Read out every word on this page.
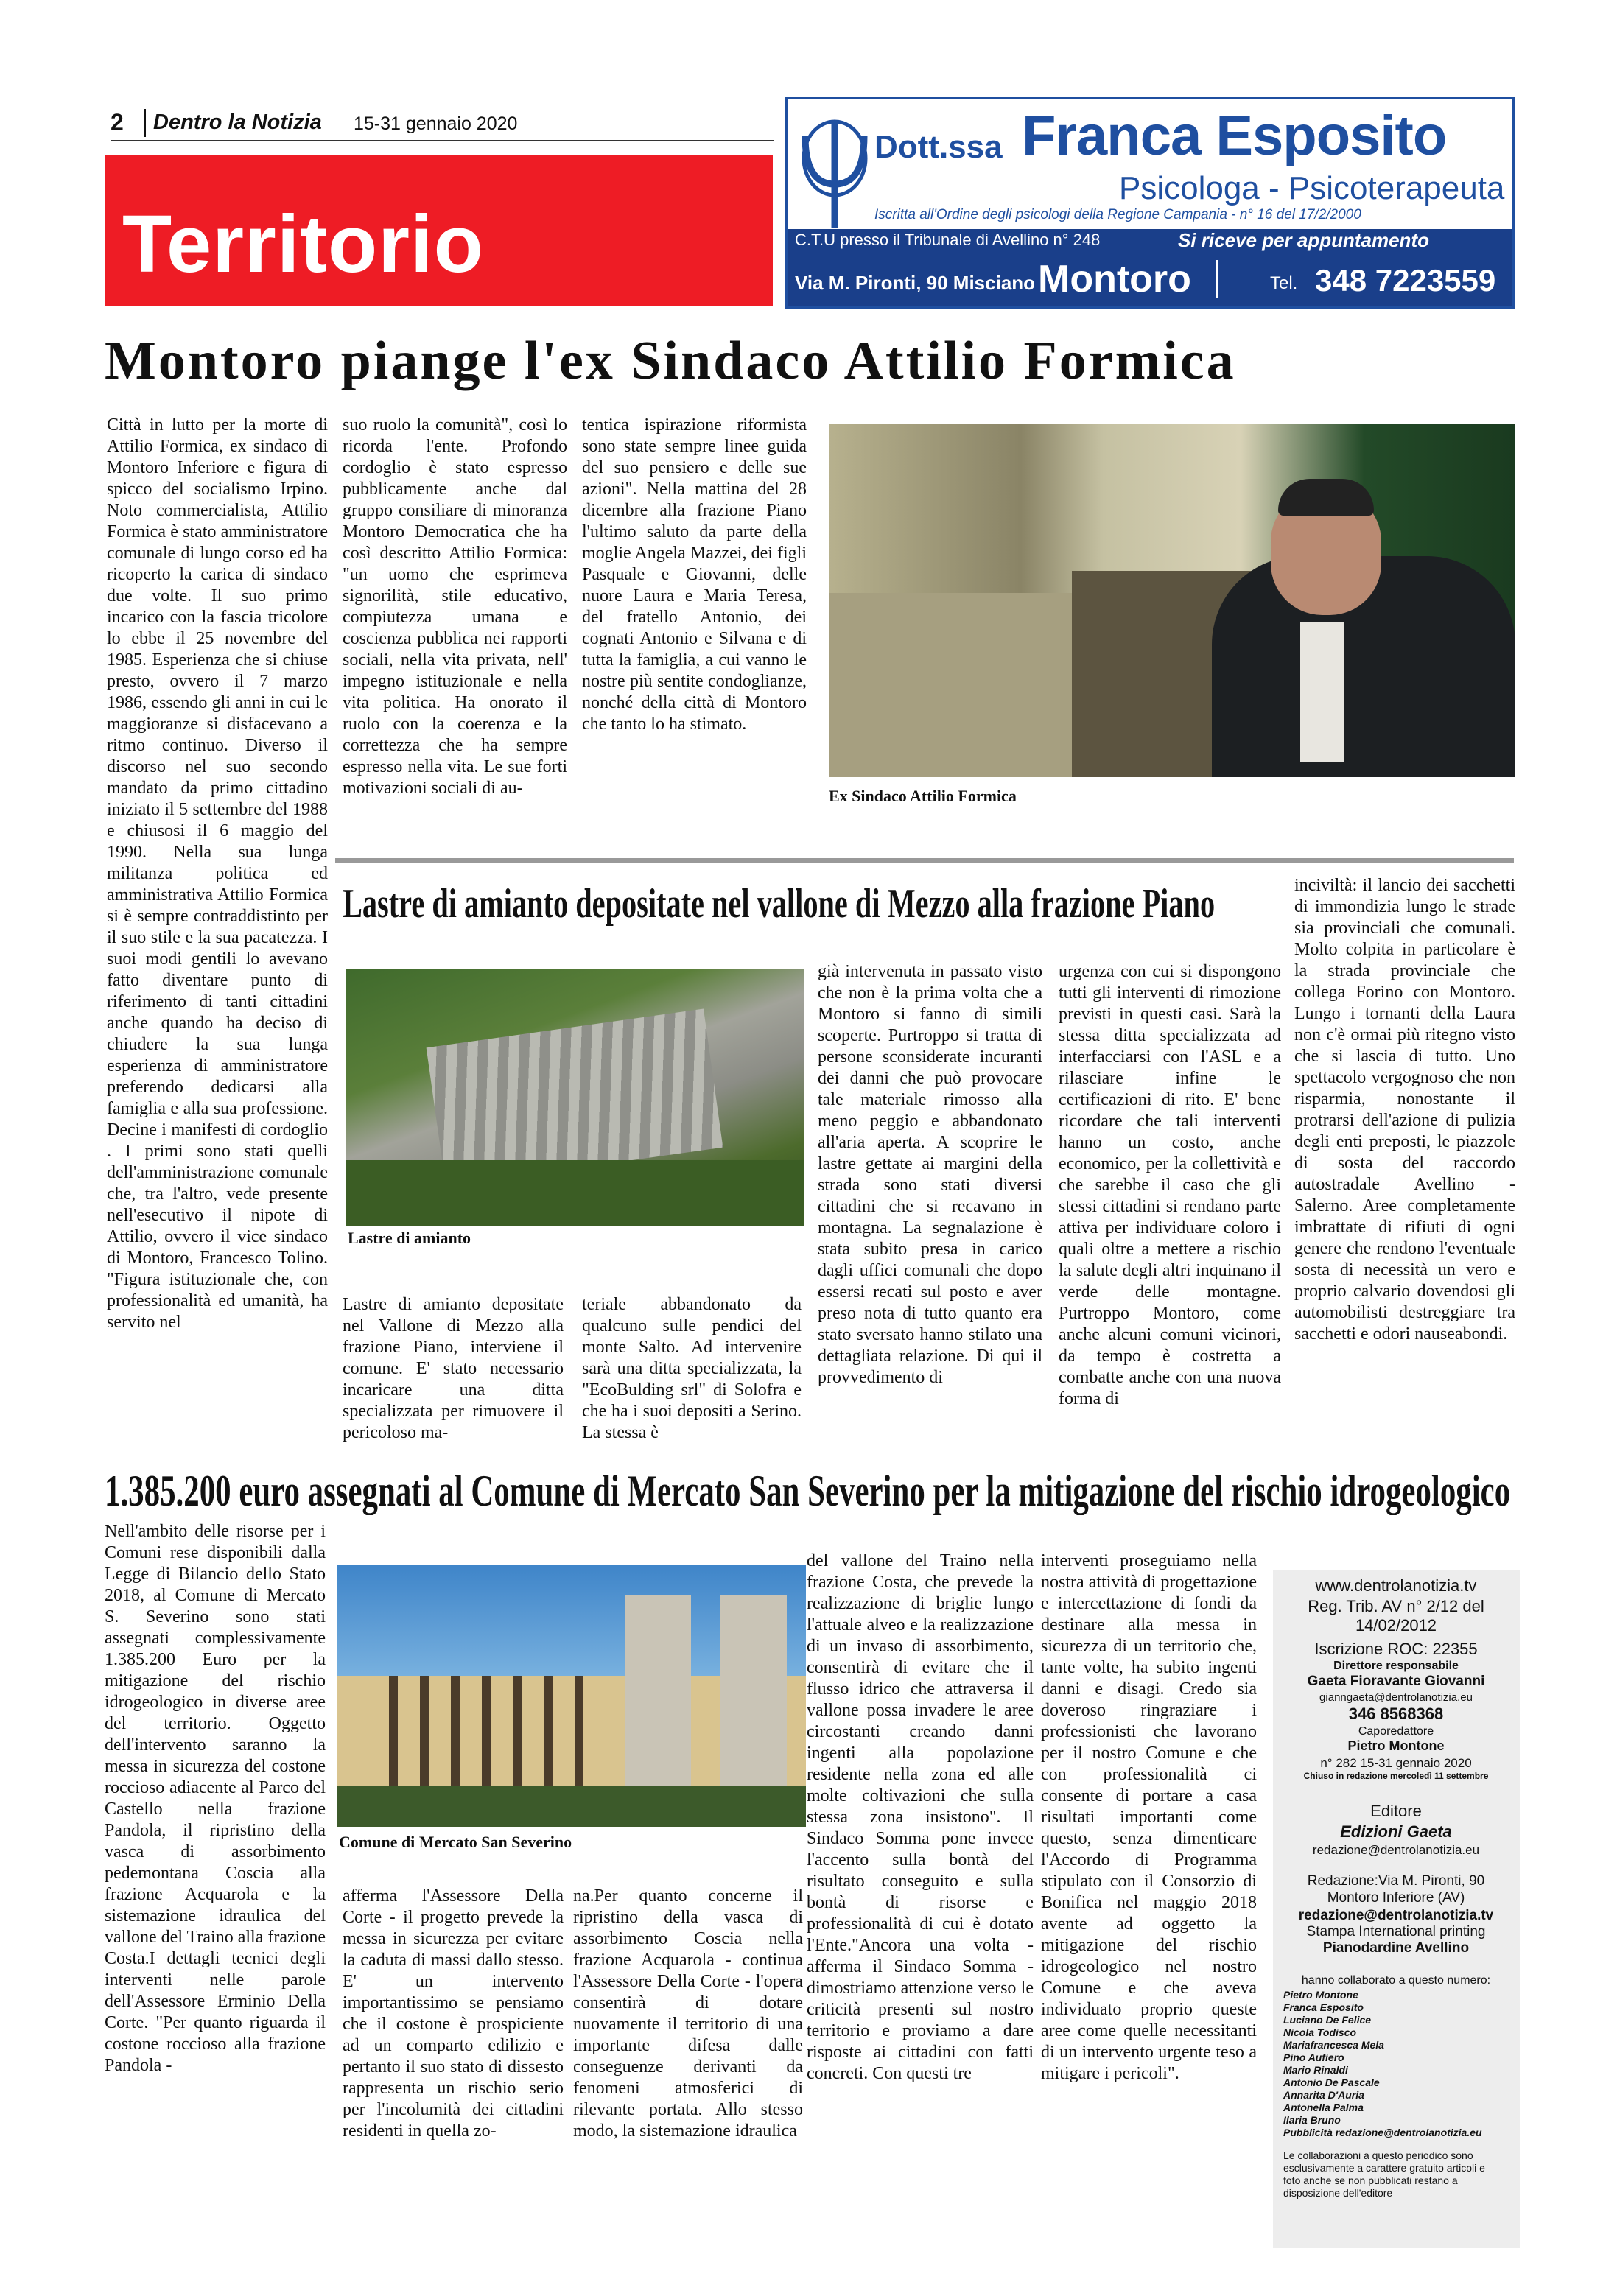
2 Dentro la Notizia 15-31 gennaio 2020
Territorio
Dott.ssa Franca Esposito
Psicologa - Psicoterapeuta
Iscritta all'Ordine degli psicologi della Regione Campania - n° 16 del 17/2/2000
C.T.U presso il Tribunale di Avellino n° 248	Si riceve per appuntamento
Via M. Pironti, 90 Misciano Montoro	Tel. 348 7223559
Montoro piange l'ex Sindaco Attilio Formica

Città in lutto per la morte di Attilio Formica, ex sindaco di Montoro Inferiore e figura di spicco del socialismo Irpino. Noto commercialista, Attilio Formica è stato amministratore comunale di lungo corso ed ha ricoperto la carica di sindaco due volte. Il suo primo incarico con la fascia tricolore lo ebbe il 25 novembre del 1985. Esperienza che si chiuse presto, ovvero il 7 marzo 1986, essendo gli anni in cui le maggioranze si disfacevano a ritmo continuo. Diverso il discorso nel suo secondo mandato da primo cittadino iniziato il 5 settembre del 1988 e chiusosi il 6 maggio del 1990. Nella sua lunga militanza politica ed amministrativa Attilio Formica si è sempre contraddistinto per il suo stile e la sua pacatezza. I suoi modi gentili lo avevano fatto diventare punto di riferimento di tanti cittadini anche quando ha deciso di chiudere la sua lunga esperienza di amministratore preferendo dedicarsi alla famiglia e alla sua professione. Decine i manifesti di cordoglio . I primi sono stati quelli dell'amministrazione comunale che, tra l'altro, vede presente nell'esecutivo il nipote di Attilio, ovvero il vice sindaco di Montoro, Francesco Tolino. "Figura istituzionale che, con professionalità ed umanità, ha servito nel

suo ruolo la comunità", così lo ricorda l'ente. Profondo cordoglio è stato espresso pubblicamente anche dal gruppo consiliare di minoranza Montoro Democratica che ha così descritto Attilio Formica: "un uomo che esprimeva signorilità, stile educativo, compiutezza umana e coscienza pubblica nei rapporti sociali, nella vita privata, nell' impegno istituzionale e nella vita politica. Ha onorato il ruolo con la coerenza e la correttezza che ha sempre espresso nella vita. Le sue forti motivazioni sociali di au-

tentica ispirazione riformista sono state sempre linee guida del suo pensiero e delle sue azioni". Nella mattina del 28 dicembre alla frazione Piano l'ultimo saluto da parte della moglie Angela Mazzei, dei figli Pasquale e Giovanni, delle nuore Laura e Maria Teresa, del fratello Antonio, dei cognati Antonio e Silvana e di tutta la famiglia, a cui vanno le nostre più sentite condoglianze, nonché della città di Montoro che tanto lo ha stimato.

Ex Sindaco Attilio Formica
Lastre di amianto depositate nel vallone di Mezzo alla frazione Piano
Lastre di amianto

Lastre di amianto depositate nel Vallone di Mezzo alla frazione Piano, interviene il comune. E' stato necessario incaricare una ditta specializzata per rimuovere il pericoloso ma-

teriale abbandonato da qualcuno sulle pendici del monte Salto. Ad intervenire sarà una ditta specializzata, la "EcoBulding srl" di Solofra e che ha i suoi depositi a Serino. La stessa è

già intervenuta in passato visto che non è la prima volta che a Montoro si fanno di simili scoperte. Purtroppo si tratta di persone sconsiderate incuranti dei danni che può provocare tale materiale rimosso alla meno peggio e abbandonato all'aria aperta. A scoprire le lastre gettate ai margini della strada sono stati diversi cittadini che si recavano in montagna. La segnalazione è stata subito presa in carico dagli uffici comunali che dopo essersi recati sul posto e aver preso nota di tutto quanto era stato sversato hanno stilato una dettagliata relazione. Di qui il provvedimento di

urgenza con cui si dispongono tutti gli interventi di rimozione previsti in questi casi. Sarà la stessa ditta specializzata ad interfacciarsi con l'ASL e a rilasciare infine le certificazioni di rito. E' bene ricordare che tali interventi hanno un costo, anche economico, per la collettività e che sarebbe il caso che gli stessi cittadini si rendano parte attiva per individuare coloro i quali oltre a mettere a rischio la salute degli altri inquinano il verde delle montagne. Purtroppo Montoro, come anche alcuni comuni vicinori, da tempo è costretta a combatte anche con una nuova forma di

inciviltà: il lancio dei sacchetti di immondizia lungo le strade sia provinciali che comunali. Molto colpita in particolare è la strada provinciale che collega Forino con Montoro. Lungo i tornanti della Laura non c'è ormai più ritegno visto che si lascia di tutto. Uno spettacolo vergognoso che non risparmia, nonostante il protrarsi dell'azione di pulizia degli enti preposti, le piazzole di sosta del raccordo autostradale Avellino - Salerno. Aree completamente imbrattate di rifiuti di ogni genere che rendono l'eventuale sosta di necessità un vero e proprio calvario dovendosi gli automobilisti destreggiare tra sacchetti e odori nauseabondi.

1.385.200 euro assegnati al Comune di Mercato San Severino per la mitigazione del rischio idrogeologico

Nell'ambito delle risorse per i Comuni rese disponibili dalla Legge di Bilancio dello Stato 2018, al Comune di Mercato S. Severino sono stati assegnati complessivamente 1.385.200 Euro per la mitigazione del rischio idrogeologico in diverse aree del territorio. Oggetto dell'intervento saranno la messa in sicurezza del costone roccioso adiacente al Parco del Castello nella frazione Pandola, il ripristino della vasca di assorbimento pedemontana Coscia alla frazione Acquarola e la sistemazione idraulica del vallone del Traino alla frazione Costa.I dettagli tecnici degli interventi nelle parole dell'Assessore Erminio Della Corte. "Per quanto riguarda il costone roccioso alla frazione Pandola -

Comune di Mercato San Severino

afferma l'Assessore Della Corte - il progetto prevede la messa in sicurezza per evitare la caduta di massi dallo stesso. E' un intervento importantissimo se pensiamo che il costone è prospiciente ad un comparto edilizio e pertanto il suo stato di dissesto rappresenta un rischio serio per l'incolumità dei cittadini residenti in quella zo-

na.Per quanto concerne il ripristino della vasca di assorbimento Coscia nella frazione Acquarola - continua l'Assessore Della Corte - l'opera consentirà di dotare nuovamente il territorio di una importante difesa dalle conseguenze derivanti da fenomeni atmosferici di rilevante portata. Allo stesso modo, la sistemazione idraulica

del vallone del Traino nella frazione Costa, che prevede la realizzazione di briglie lungo l'attuale alveo e la realizzazione di un invaso di assorbimento, consentirà di evitare che il flusso idrico che attraversa il vallone possa invadere le aree circostanti creando danni ingenti alla popolazione residente nella zona ed alle molte coltivazioni che sulla stessa zona insistono". Il Sindaco Somma pone invece l'accento sulla bontà del risultato conseguito e sulla bontà di risorse e professionalità di cui è dotato l'Ente."Ancora una volta - afferma il Sindaco Somma - dimostriamo attenzione verso le criticità presenti sul nostro territorio e proviamo a dare risposte ai cittadini con fatti concreti. Con questi tre

interventi proseguiamo nella nostra attività di progettazione e intercettazione di fondi da destinare alla messa in sicurezza di un territorio che, tante volte, ha subito ingenti danni e disagi. Credo sia doveroso ringraziare i professionisti che lavorano per il nostro Comune e che con professionalità ci consente di portare a casa risultati importanti come questo, senza dimenticare l'Accordo di Programma stipulato con il Consorzio di Bonifica nel maggio 2018 avente ad oggetto la mitigazione del rischio idrogeologico nel nostro Comune e che aveva individuato proprio queste aree come quelle necessitanti di un intervento urgente teso a mitigare i pericoli".

www.dentrolanotizia.tv
Reg. Trib. AV n° 2/12 del 14/02/2012
Iscrizione ROC: 22355
Direttore responsabile
Gaeta Fioravante Giovanni
gianngaeta@dentrolanotizia.eu
346 8568368
Caporedattore
Pietro Montone
n° 282 15-31 gennaio 2020
Chiuso in redazione mercoledì 11 settembre
Editore
Edizioni Gaeta
redazione@dentrolanotizia.eu
Redazione:Via M. Pironti, 90 Montoro Inferiore (AV)
redazione@dentrolanotizia.tv
Stampa International printing
Pianodardine Avellino
hanno collaborato a questo numero:
Pietro Montone
Franca Esposito
Luciano De Felice
Nicola Todisco
Mariafrancesca Mela
Pino Aufiero
Mario Rinaldi
Antonio De Pascale
Annarita D'Auria
Antonella Palma
Ilaria Bruno
Pubblicità redazione@dentrolanotizia.eu
Le collaborazioni a questo periodico sono esclusivamente a carattere gratuito articoli e foto anche se non pubblicati restano a disposizione dell'editore
